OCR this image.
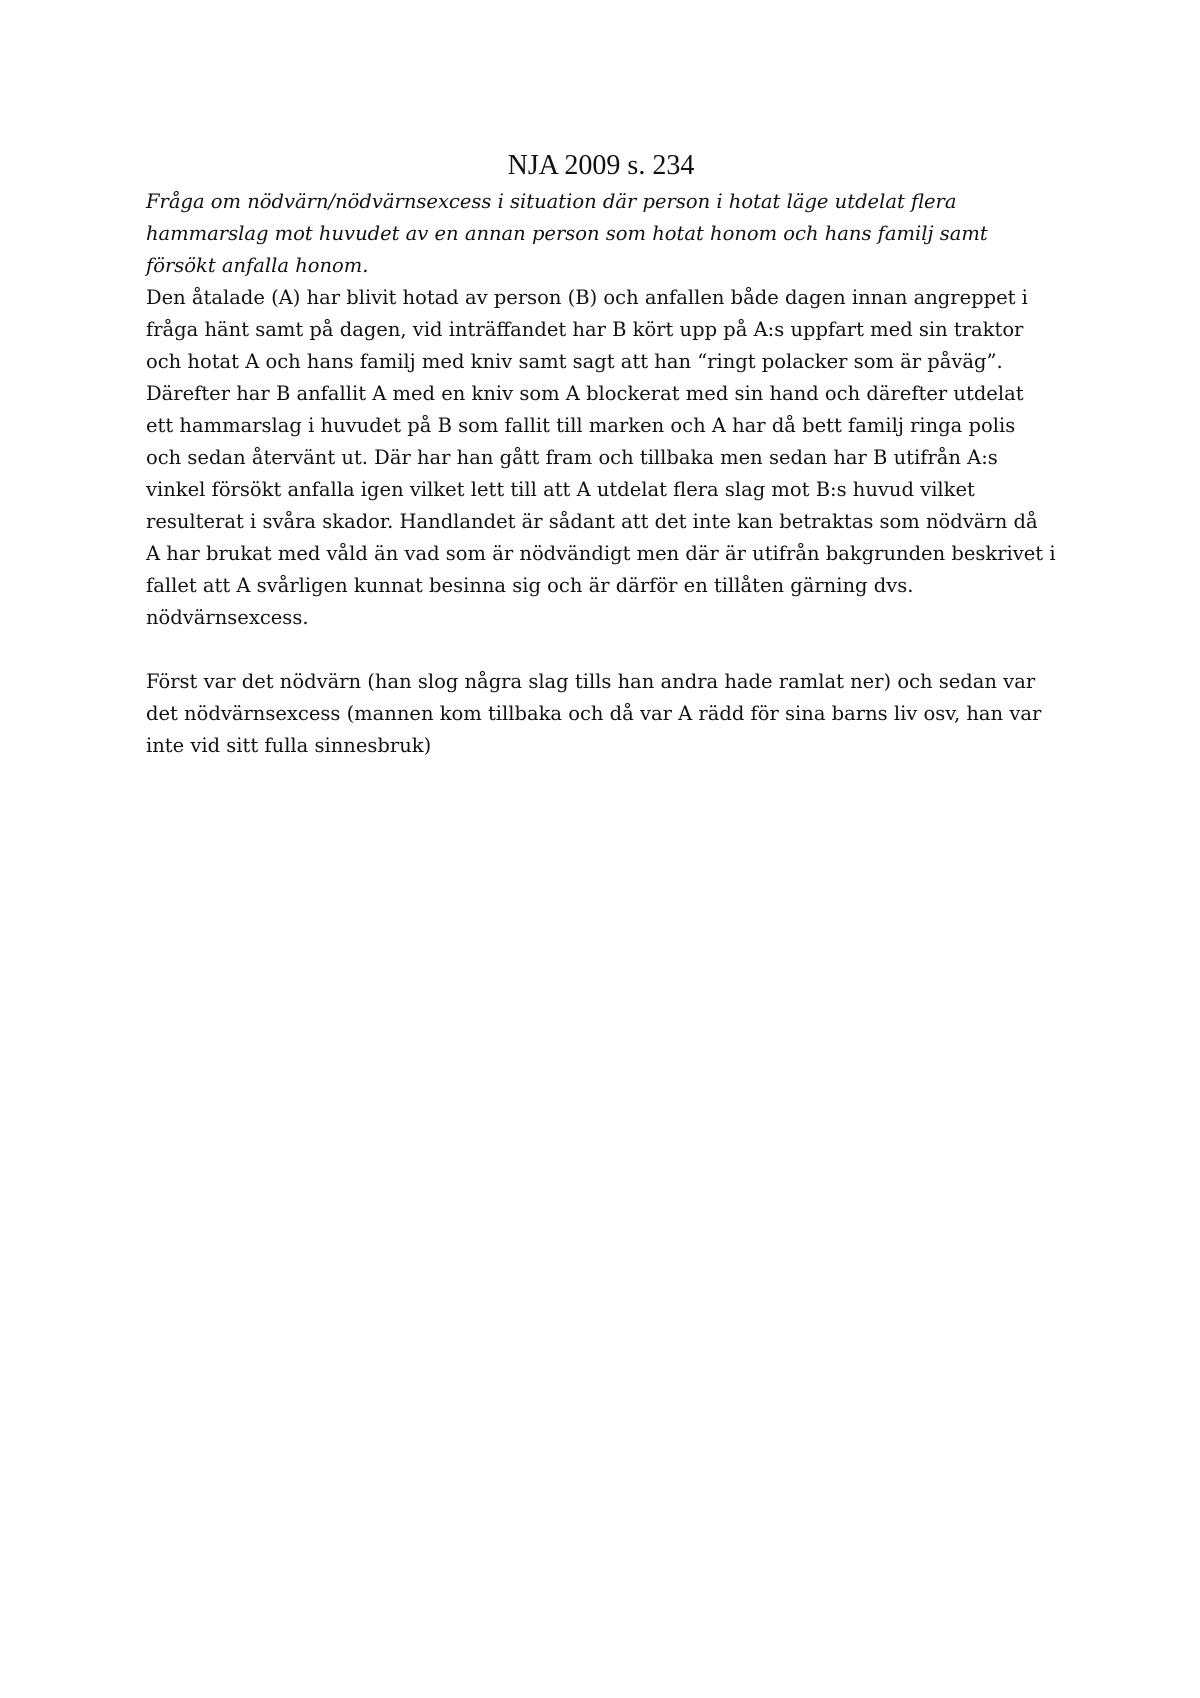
NJA 2009 s. 234

Fråga om nödvärn/nödvärnsexcess i situation där person i hotat läge utdelat flera hammarslag mot huvudet av en annan person som hotat honom och hans familj samt försökt anfalla honom.

Den åtalade (A) har blivit hotad av person (B) och anfallen både dagen innan angreppet i fråga hänt samt på dagen, vid inträffandet har B kört upp på A:s uppfart med sin traktor och hotat A och hans familj med kniv samt sagt att han “ringt polacker som är påväg”. Därefter har B anfallit A med en kniv som A blockerat med sin hand och därefter utdelat ett hammarslag i huvudet på B som fallit till marken och A har då bett familj ringa polis och sedan återvänt ut. Där har han gått fram och tillbaka men sedan har B utifrån A:s vinkel försökt anfalla igen vilket lett till att A utdelat flera slag mot B:s huvud vilket resulterat i svåra skador. Handlandet är sådant att det inte kan betraktas som nödvärn då A har brukat med våld än vad som är nödvändigt men där är utifrån bakgrunden beskrivet i fallet att A svårligen kunnat besinna sig och är därför en tillåten gärning dvs. nödvärnsexcess.

Först var det nödvärn (han slog några slag tills han andra hade ramlat ner) och sedan var det nödvärnsexcess (mannen kom tillbaka och då var A rädd för sina barns liv osv, han var inte vid sitt fulla sinnesbruk)
